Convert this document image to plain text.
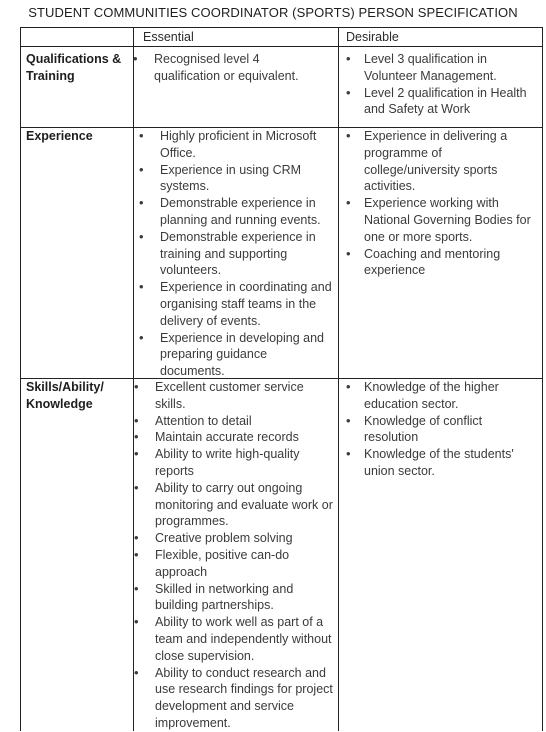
STUDENT COMMUNITIES COORDINATOR (SPORTS) PERSON SPECIFICATION
Essential	Desirable
Qualifications & Training
• Recognised level 4 qualification or equivalent.
• Level 3 qualification in Volunteer Management.
• Level 2 qualification in Health and Safety at Work
Experience
•	Highly proficient in Microsoft Office.
• Experience in using CRM systems.
• Demonstrable experience in planning and running events.
• Demonstrable experience in training and supporting volunteers.
• Experience in coordinating and organising staff teams in the delivery of events.
• Experience in developing and preparing guidance documents.
• Experience in delivering a programme of college/university sports activities.
• Experience working with National Governing Bodies for one or more sports.
• Coaching and mentoring experience
Skills/Ability/ Knowledge
• Excellent customer service skills.
• Attention to detail
• Maintain accurate records
• Ability to write high-quality reports
• Ability to carry out ongoing monitoring and evaluate work or programmes.
• Creative problem solving
• Flexible, positive can-do approach
• Skilled in networking and building partnerships.
• Ability to work well as part of a team and independently without close supervision.
• Ability to conduct research and use research findings for project development and service improvement.
• Knowledge of the higher education sector.
• Knowledge of conflict resolution
• Knowledge of the students' union sector.
